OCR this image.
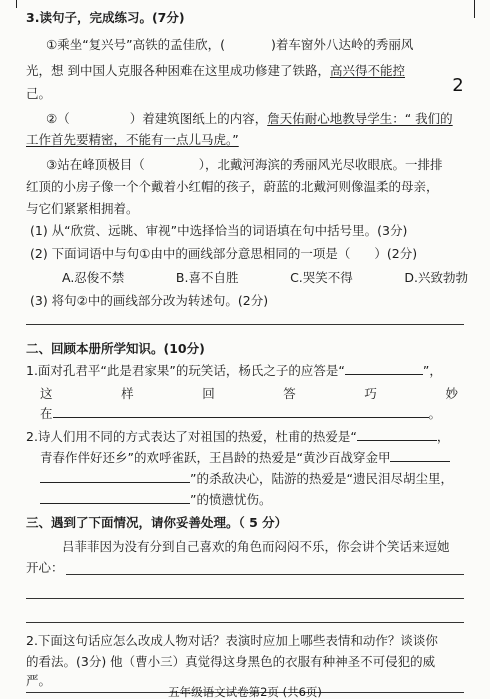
3.读句子，完成练习。(7分)
①乘坐“复兴号”高铁的孟佳欣，(	)着车窗外八达岭的秀丽风
光，想 到中国人克服各种困难在这里成功修建了铁路，高兴得不能控
己。
②（	）着建筑图纸上的内容，詹天佑耐心地教导学生：“ 我们的
工作首先要精密，不能有一点儿马虎。”
③站在峰顶极目（	），北戴河海滨的秀丽风光尽收眼底。一排排
红顶的小房子像一个个戴着小红帽的孩子，蔚蓝的北戴河则像温柔的母亲，
与它们紧紧相拥着。
(1) 从“欣赏、远眺、审视”中选择恰当的词语填在句中括号里。(3分)
(2) 下面词语中与句①由中的画线部分意思相同的一项是（ ）(2分)
A.忍俊不禁	B.喜不自胜	C.哭笑不得	D.兴致勃勃
(3) 将句②中的画线部分改为转述句。(2分)
二、回顾本册所学知识。(10分)
1.面对孔君平“此是君家果”的玩笑话，杨氏之子的应答是“	”，
这	样	回	答	巧	妙
在	。
2.诗人们用不同的方式表达了对祖国的热爱，杜甫的热爱是“	，
青春作伴好还乡”的欢呼雀跃，王昌龄的热爱是“黄沙百战穿金甲
”的杀敌决心，陆游的热爱是“遗民泪尽胡尘里，
”的愤懑忧伤。
三、遇到了下面情况，请你妥善处理。（ 5 分）
吕菲菲因为没有分到自己喜欢的角色而闷闷不乐，你会讲个笑话来逗她
开心：
2.下面这句话应怎么改成人物对话？表演时应加上哪些表情和动作？谈谈你
的看法。(3分) 他（曹小三）真觉得这身黑色的衣服有种神圣不可侵犯的威
严。
2
五年级语文试卷第2页 (共6页)
